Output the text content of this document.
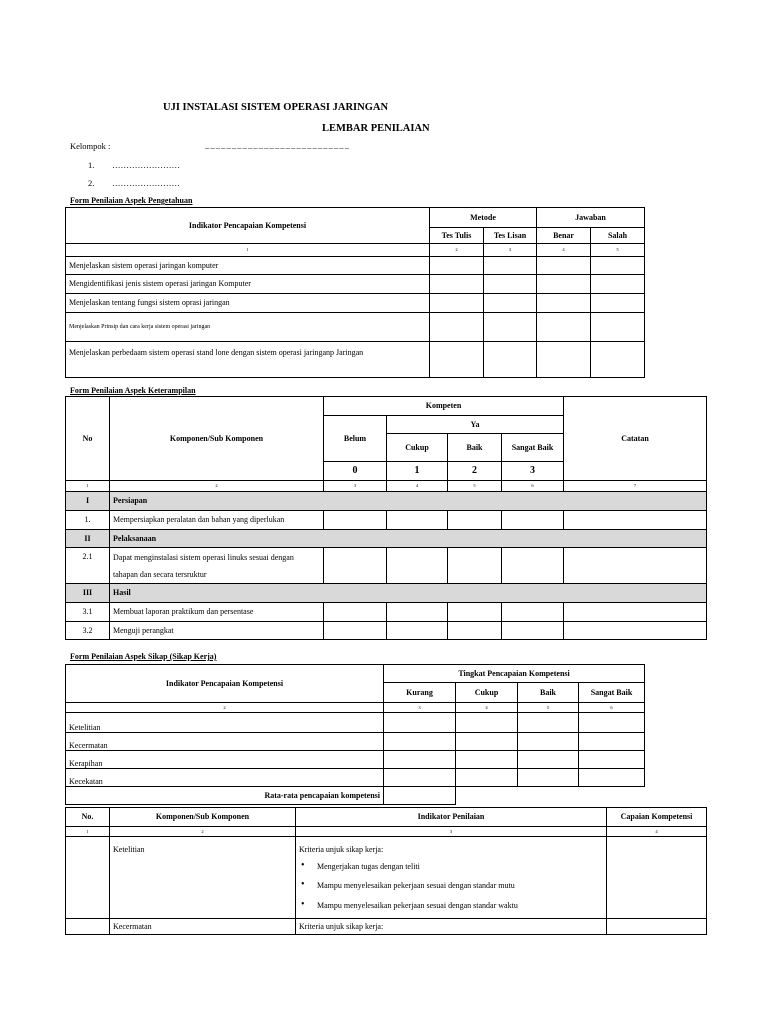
UJI INSTALASI SISTEM OPERASI JARINGAN
LEMBAR PENILAIAN
Kelompok :	– – – – – – – – – – – – – – – – – – – – – – – – – – –
1. ……………………
2. ……………………
Form Penilaian Aspek Pengetahuan
Indikator Pencapaian Kompetensi	Metode		Jawaban	
	Tes Tulis	Tes Lisan	Benar	Salah
1	2	3	4	5
Menjelaskan sistem operasi jaringan komputer				
Mengidentifikasi jenis sistem operasi jaringan Komputer				
Menjelaskan tentang fungsi sistem oprasi jaringan				
Menjelaskan Prinsip dan cara kerja sistem operasi jaringan				
Menjelaskan perbedaam sistem operasi stand lone dengan sistem operasi jaringanp Jaringan				
Form Penilaian Aspek Keterampilan
No	Komponen/Sub Komponen	Kompeten				Catatan
		Belum	Ya			
			Cukup	Baik	Sangat Baik	
		0	1	2	3	
1	2	3	4	5	6	7
I	Persiapan					
1.	Mempersiapkan peralatan dan bahan yang diperlukan					
II	Pelaksanaan					
2.1	Dapat menginstalasi sistem operasi linuks sesuai dengan tahapan dan secara tersruktur					
III	Hasil					
3.1	Membuat laporan praktikum dan persentase					
3.2	Menguji perangkat					
Form Penilaian Aspek Sikap (Sikap Kerja)
Indikator Pencapaian Kompetensi	Tingkat Pencapaian Kompetensi			
	Kurang	Cukup	Baik	Sangat Baik
2	3	4	5	6
Ketelitian				
Kecermatan				
Kerapihan				
Kecekatan				
Rata-rata pencapaian kompetensi				
No.	Komponen/Sub Komponen	Indikator Penilaian	Capaian Kompetensi
1	2	3	4
	Ketelitian	Kriteria unjuk sikap kerja:
• Mengerjakan tugas dengan teliti
• Mampu menyelesaikan pekerjaan sesuai dengan standar mutu
• Mampu menyelesaikan pekerjaan sesuai dengan standar waktu

	Kecermatan	Kriteria unjuk sikap kerja:	
